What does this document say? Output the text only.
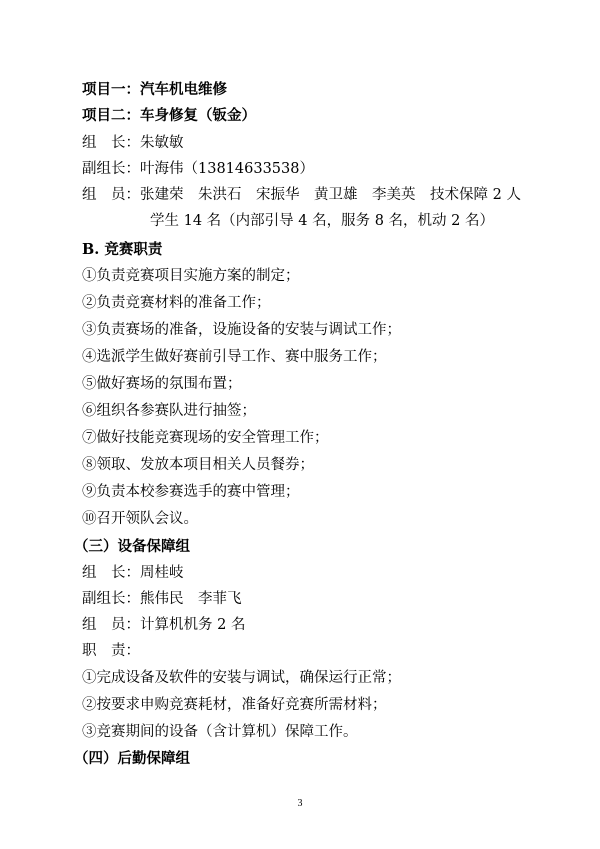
项目一：汽车机电维修
项目二：车身修复（钣金）
组　长：朱敏敏
副组长：叶海伟（13814633538）
组　员：张建荣　朱洪石　宋振华　黄卫雄　李美英　技术保障 2 人
学生 14 名（内部引导 4 名，服务 8 名，机动 2 名）
B. 竞赛职责
①负责竞赛项目实施方案的制定；
②负责竞赛材料的准备工作；
③负责赛场的准备，设施设备的安装与调试工作；
④选派学生做好赛前引导工作、赛中服务工作；
⑤做好赛场的氛围布置；
⑥组织各参赛队进行抽签；
⑦做好技能竞赛现场的安全管理工作；
⑧领取、发放本项目相关人员餐券；
⑨负责本校参赛选手的赛中管理；
⑩召开领队会议。
（三）设备保障组
组　长：周桂岐
副组长：熊伟民　李菲飞
组　员：计算机机务 2 名
职　责：
①完成设备及软件的安装与调试，确保运行正常；
②按要求申购竞赛耗材，准备好竞赛所需材料；
③竞赛期间的设备（含计算机）保障工作。
（四）后勤保障组
3
